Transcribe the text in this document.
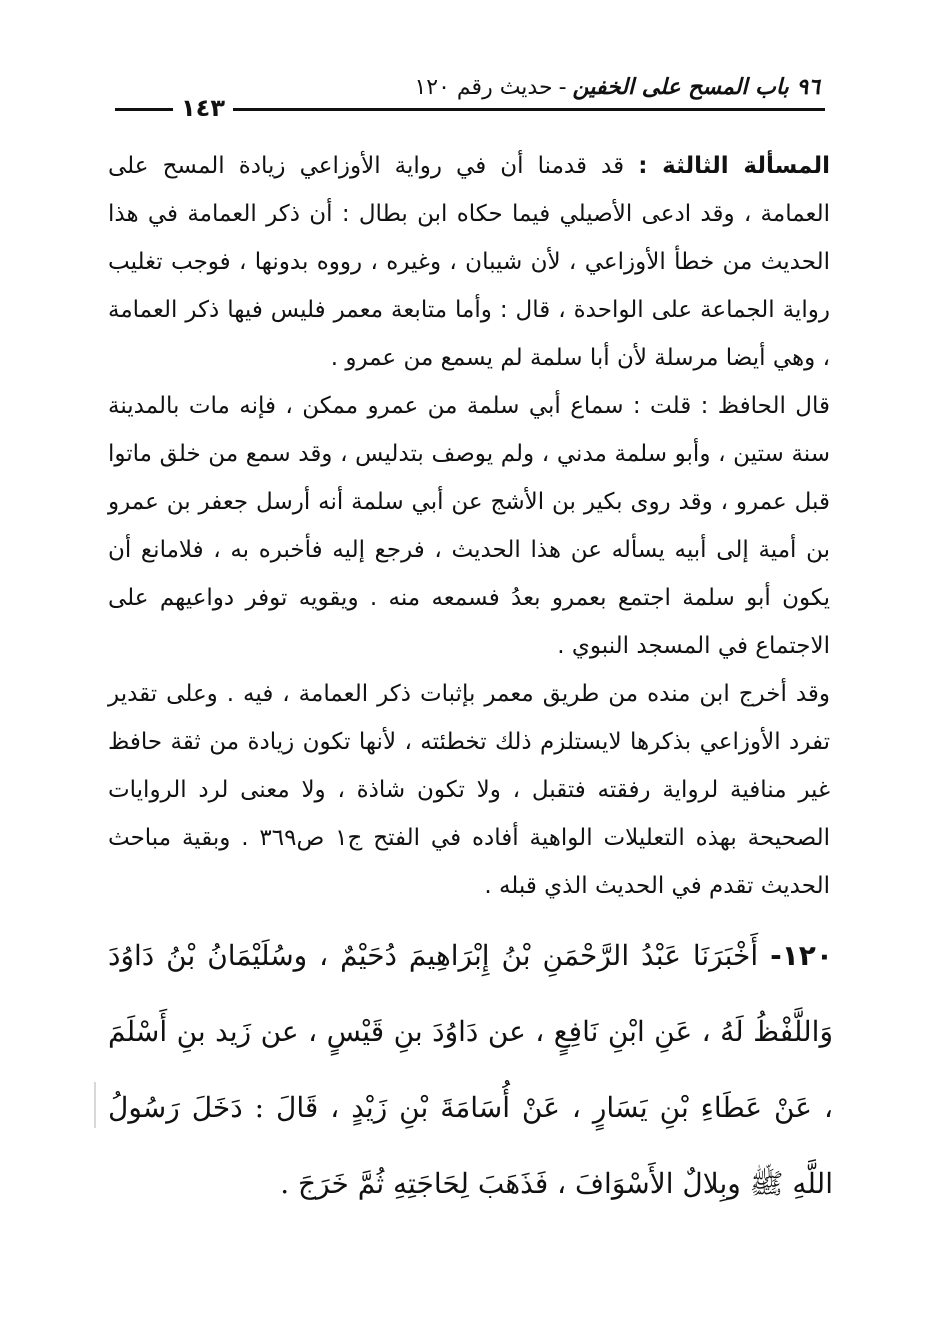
٩٦ باب المسح على الخفين-حديث رقم ١٢٠
١٤٣

المسألة الثالثة : قد قدمنا أن في رواية الأوزاعي زيادة المسح على العمامة ، وقد ادعى الأصيلي فيما حكاه ابن بطال : أن ذكر العمامة في هذا الحديث من خطأ الأوزاعي ، لأن شيبان ، وغيره ، رووه بدونها ، فوجب تغليب رواية الجماعة على الواحدة ، قال : وأما متابعة معمر فليس فيها ذكر العمامة ، وهي أيضا مرسلة لأن أبا سلمة لم يسمع من عمرو .

قال الحافظ : قلت : سماع أبي سلمة من عمرو ممكن ، فإنه مات بالمدينة سنة ستين ، وأبو سلمة مدني ، ولم يوصف بتدليس ، وقد سمع من خلق ماتوا قبل عمرو ، وقد روى بكير بن الأشج عن أبي سلمة أنه أرسل جعفر بن عمرو بن أمية إلى أبيه يسأله عن هذا الحديث ، فرجع إليه فأخبره به ، فلامانع أن يكون أبو سلمة اجتمع بعمرو بعدُ فسمعه منه . ويقويه توفر دواعيهم على الاجتماع في المسجد النبوي .

وقد أخرج ابن منده من طريق معمر بإثبات ذكر العمامة ، فيه . وعلى تقدير تفرد الأوزاعي بذكرها لايستلزم ذلك تخطئته ، لأنها تكون زيادة من ثقة حافظ غير منافية لرواية رفقته فتقبل ، ولا تكون شاذة ، ولا معنى لرد الروايات الصحيحة بهذه التعليلات الواهية أفاده في الفتح ج١ ص٣٦٩ . وبقية مباحث الحديث تقدم في الحديث الذي قبله .

١٢٠- أَخْبَرَنَا عَبْدُ الرَّحْمَنِ بْنُ إِبْرَاهِيمَ دُحَيْمٌ ، وسُلَيْمَانُ بْنُ دَاوُدَ وَاللَّفْظُ لَهُ ، عَنِ ابْنِ نَافِعٍ ، عن دَاوُدَ بنِ قَيْسٍ ، عن زَيد بنِ أَسْلَمَ ، عَنْ عَطَاءِ بْنِ يَسَارٍ ، عَنْ أُسَامَةَ بْنِ زَيْدٍ ، قَالَ : دَخَلَ رَسُولُ اللَّهِ ﷺ وبِلالٌ الأَسْوَافَ ، فَذَهَبَ لِحَاجَتِهِ ثُمَّ خَرَجَ .
